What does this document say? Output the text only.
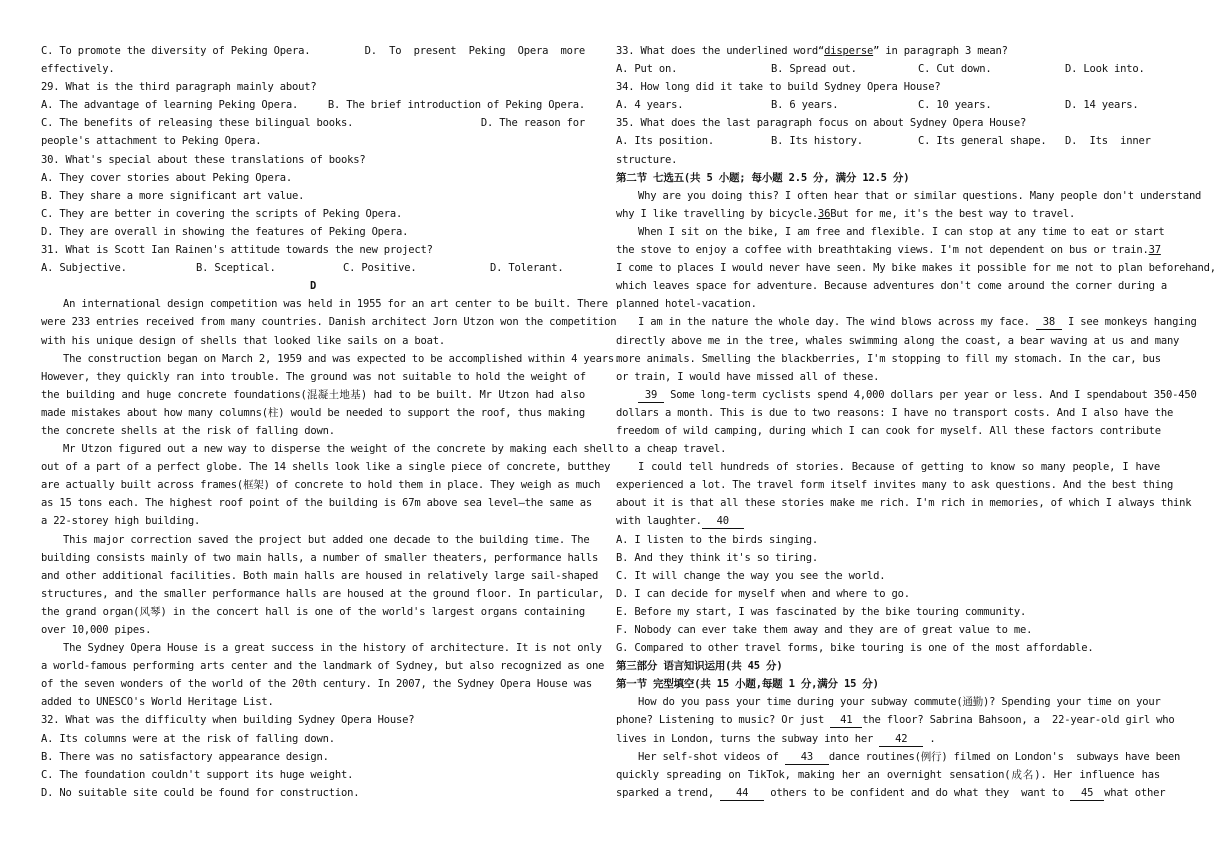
C. To promote the diversity of Peking Opera.	D.  To  present  Peking  Opera  more
effectively.
29. What is the third paragraph mainly about?
A. The advantage of learning Peking Opera.	B. The brief introduction of Peking Opera.
C. The benefits of releasing these bilingual books.	D. The reason for
people's attachment to Peking Opera.
30. What's special about these translations of books?
A. They cover stories about Peking Opera.
B. They share a more significant art value.
C. They are better in covering the scripts of Peking Opera.
D. They are overall in showing the features of Peking Opera.
31. What is Scott Ian Rainen's attitude towards the new project?
A. Subjective.	B. Sceptical.	C. Positive.	D. Tolerant.
D
An international design competition was held in 1955 for an art center to be built. There
were 233 entries received from many countries. Danish architect Jorn Utzon won the competition
with his unique design of shells that looked like sails on a boat.
The construction began on March 2, 1959 and was expected to be accomplished within 4 years.
However, they quickly ran into trouble. The ground was not suitable to hold the weight of
the building and huge concrete foundations(混凝土地基) had to be built. Mr Utzon had also
made mistakes about how many columns(柱) would be needed to support the roof, thus making
the concrete shells at the risk of falling down.
Mr Utzon figured out a new way to disperse the weight of the concrete by making each shell
out of a part of a perfect globe. The 14 shells look like a single piece of concrete, butthey
are actually built across frames(框架) of concrete to hold them in place. They weigh as much
as 15 tons each. The highest roof point of the building is 67m above sea level—the same as
a 22-storey high building.
This major correction saved the project but added one decade to the building time. The
building consists mainly of two main halls, a number of smaller theaters, performance halls
and other additional facilities. Both main halls are housed in relatively large sail-shaped
structures, and the smaller performance halls are housed at the ground floor. In particular,
the grand organ(风琴) in the concert hall is one of the world's largest organs containing
over 10,000 pipes.
The Sydney Opera House is a great success in the history of architecture. It is not only
a world-famous performing arts center and the landmark of Sydney, but also recognized as one
of the seven wonders of the world of the 20th century. In 2007, the Sydney Opera House was
added to UNESCO's World Heritage List.
32. What was the difficulty when building Sydney Opera House?
A. Its columns were at the risk of falling down.
B. There was no satisfactory appearance design.
C. The foundation couldn't support its huge weight.
D. No suitable site could be found for construction.
33. What does the underlined word“disperse” in paragraph 3 mean?
A. Put on.	B. Spread out.	C. Cut down.	D. Look into.
34. How long did it take to build Sydney Opera House?
A. 4 years.	B. 6 years.	C. 10 years.	D. 14 years.
35. What does the last paragraph focus on about Sydney Opera House?
A. Its position.	B. Its history.	C. Its general shape.	D.  Its  inner
structure.
第二节 七选五(共 5 小题; 每小题 2.5 分, 满分 12.5 分)
Why are you doing this? I often hear that or similar questions. Many people don't understand
why I like travelling by bicycle.36But for me, it's the best way to travel.
When I sit on the bike, I am free and flexible. I can stop at any time to eat or start
the stove to enjoy a coffee with breathtaking views. I'm not dependent on bus or train.37
I come to places I would never have seen. My bike makes it possible for me not to plan beforehand,
which leaves space for adventure. Because adventures don't come around the corner during a
planned hotel-vacation.
I am in the nature the whole day. The wind blows across my face. 38 I see monkeys hanging
directly above me in the tree, whales swimming along the coast, a bear waving at us and many
more animals. Smelling the blackberries, I'm stopping to fill my stomach. In the car, bus
or train, I would have missed all of these.
39 Some long-term cyclists spend 4,000 dollars per year or less. And I spendabout 350-450
dollars a month. This is due to two reasons: I have no transport costs. And I also have the
freedom of wild camping, during which I can cook for myself. All these factors contribute
to a cheap travel.
I could tell hundreds of stories. Because of getting to know so many people, I have
experienced a lot. The travel form itself invites many to ask questions. And the best thing
about it is that all these stories make me rich. I'm rich in memories, of which I always think
with laughter. 40
A. I listen to the birds singing.
B. And they think it's so tiring.
C. It will change the way you see the world.
D. I can decide for myself when and where to go.
E. Before my start, I was fascinated by the bike touring community.
F. Nobody can ever take them away and they are of great value to me.
G. Compared to other travel forms, bike touring is one of the most affordable.
第三部分 语言知识运用(共 45 分)
第一节 完型填空(共 15 小题,每题 1 分,满分 15 分)
How do you pass your time during your subway commute(通勤)? Spending your time on your
phone? Listening to music? Or just 41 the floor? Sabrina Bahsoon, a  22-year-old girl who
lives in London, turns the subway into her 42 .
Her self-shot videos of 43 dance routines(例行) filmed on London's  subways have been
quickly spreading on TikTok, making her an overnight sensation(成名). Her influence has
sparked a trend, 44 others to be confident and do what they  want to 45 what other
